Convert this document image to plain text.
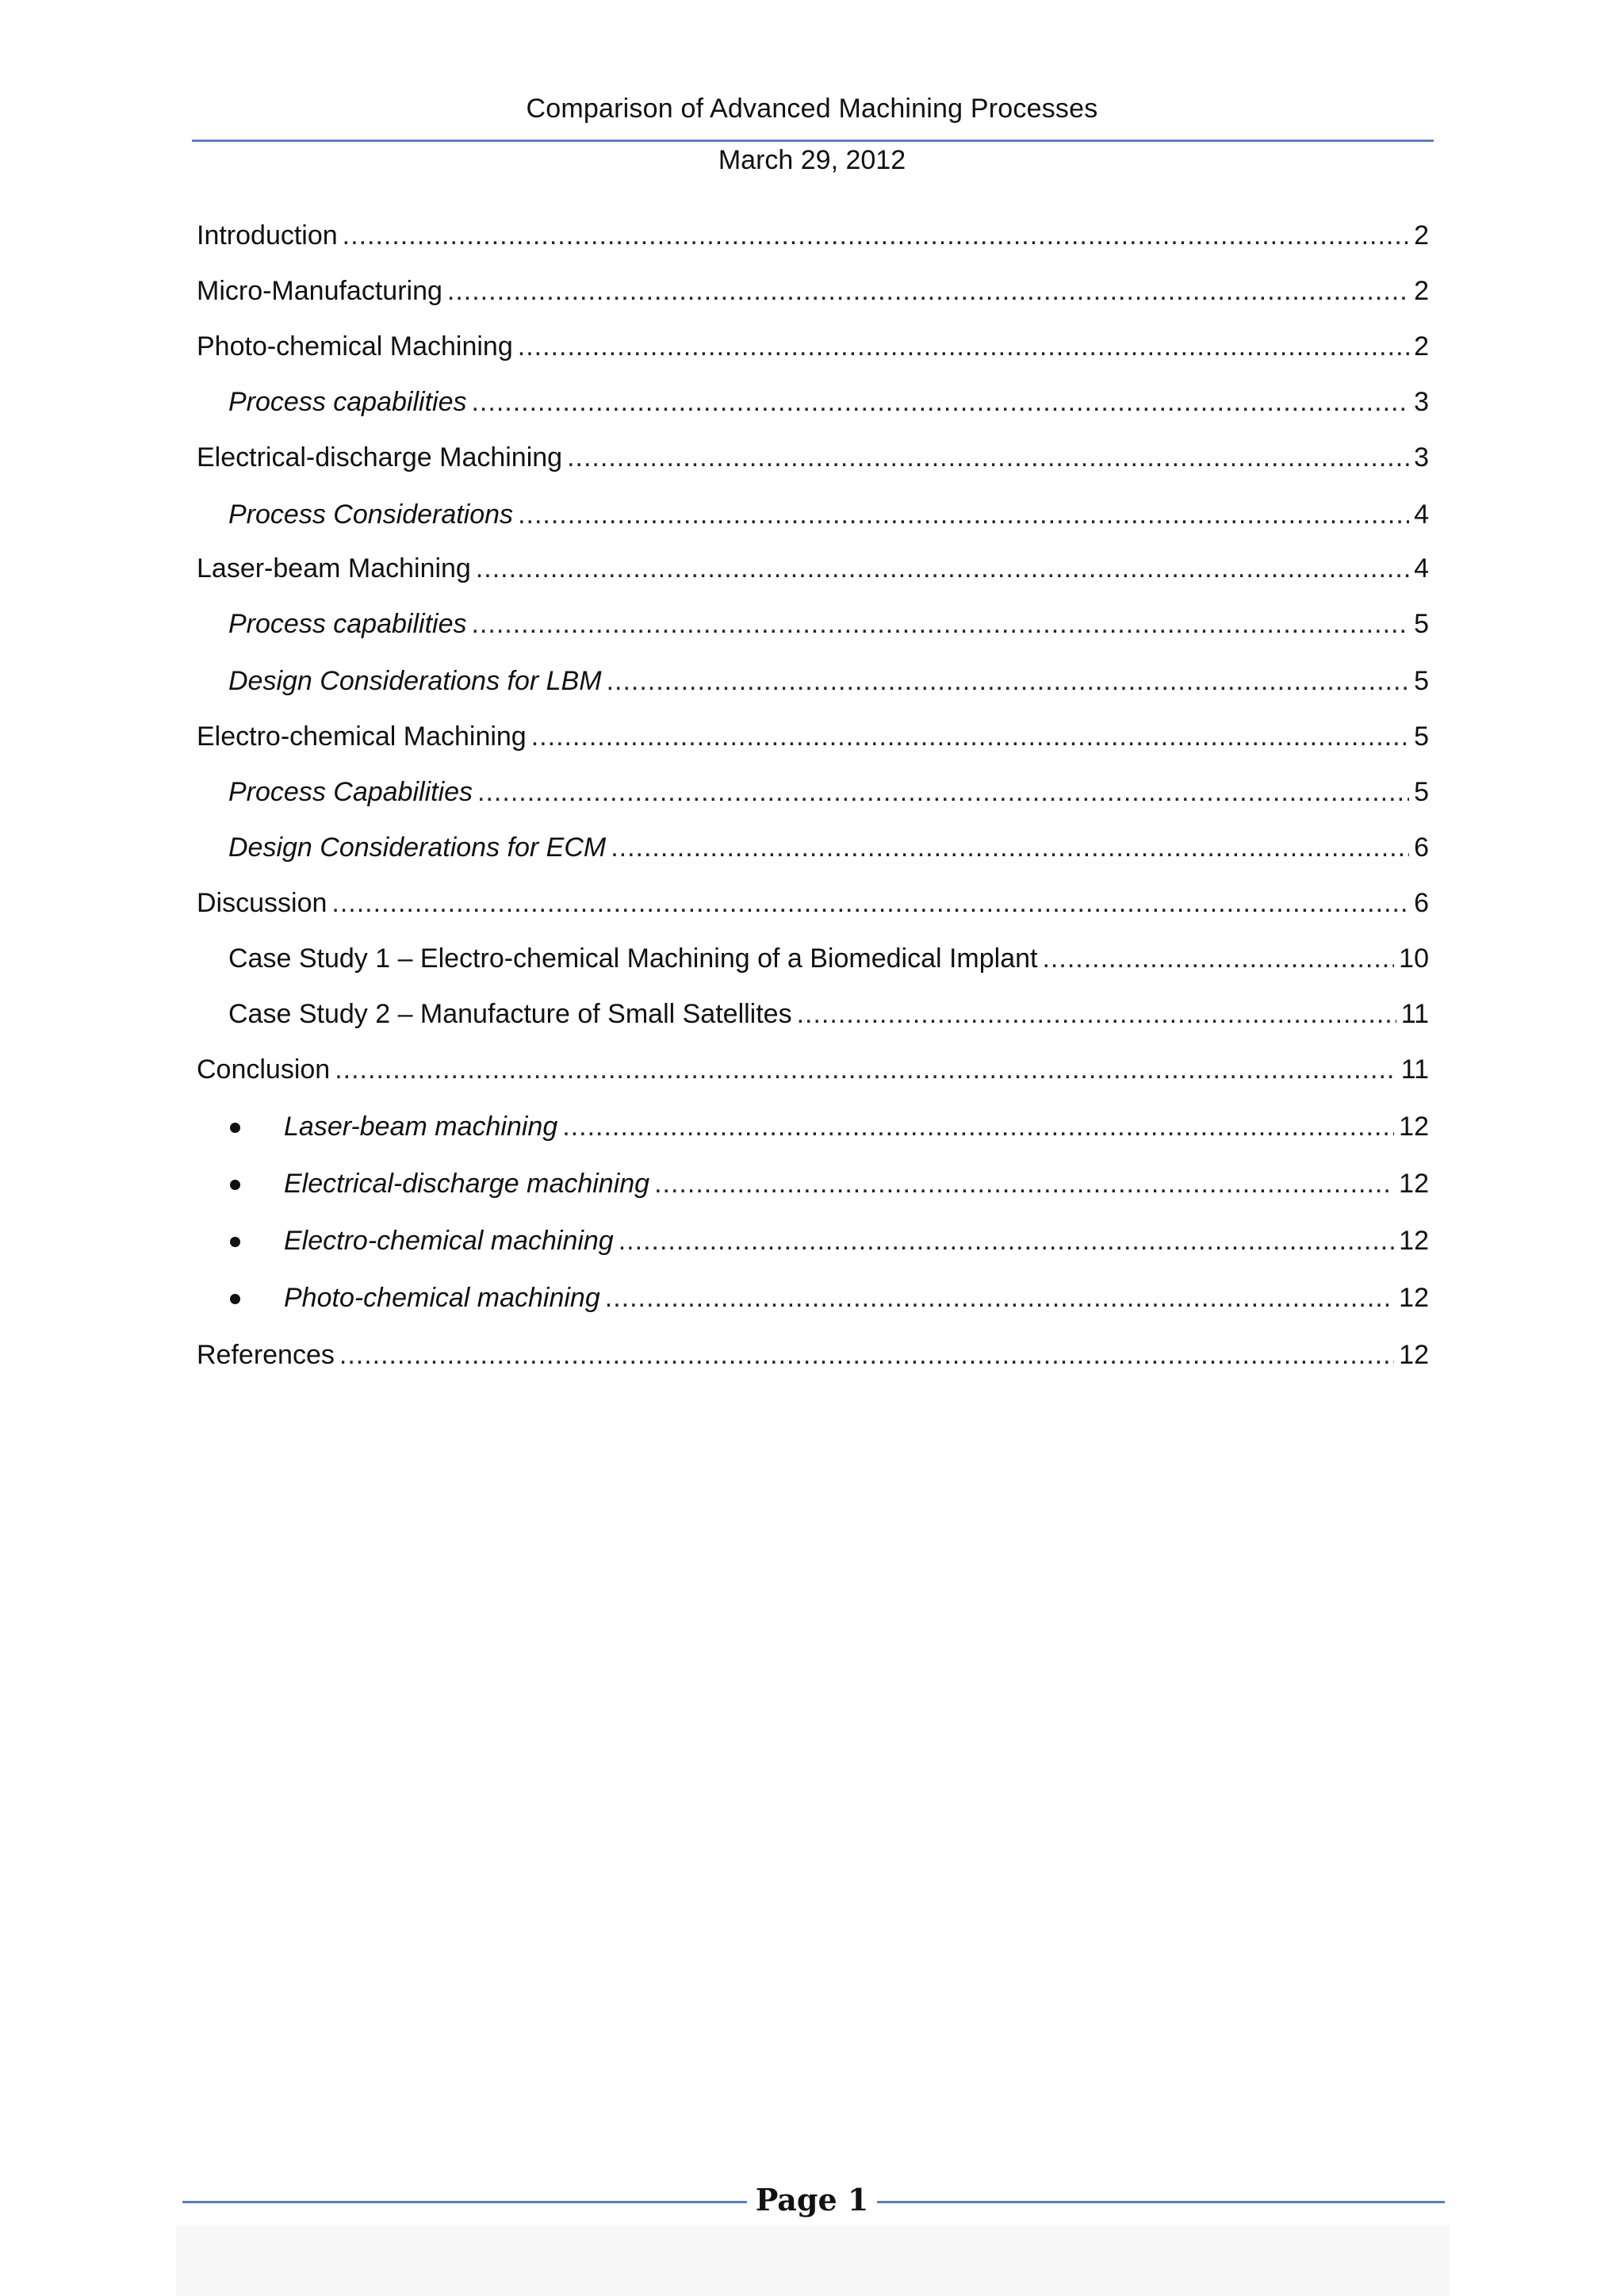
Comparison of Advanced Machining Processes
March 29, 2012
Introduction .....	2
Micro-Manufacturing .....	2
Photo-chemical Machining .....	2
Process capabilities .....	3
Electrical-discharge Machining .....	3
Process Considerations .....	4
Laser-beam Machining .....	4
Process capabilities .....	5
Design Considerations for LBM .....	5
Electro-chemical Machining .....	5
Process Capabilities .....	5
Design Considerations for ECM .....	6
Discussion .....	6
Case Study 1 – Electro-chemical Machining of a Biomedical Implant .....	10
Case Study 2 – Manufacture of Small Satellites .....	11
Conclusion .....	11
Laser-beam machining .....	12
Electrical-discharge machining .....	12
Electro-chemical machining .....	12
Photo-chemical machining .....	12
References .....	12
Page 1
